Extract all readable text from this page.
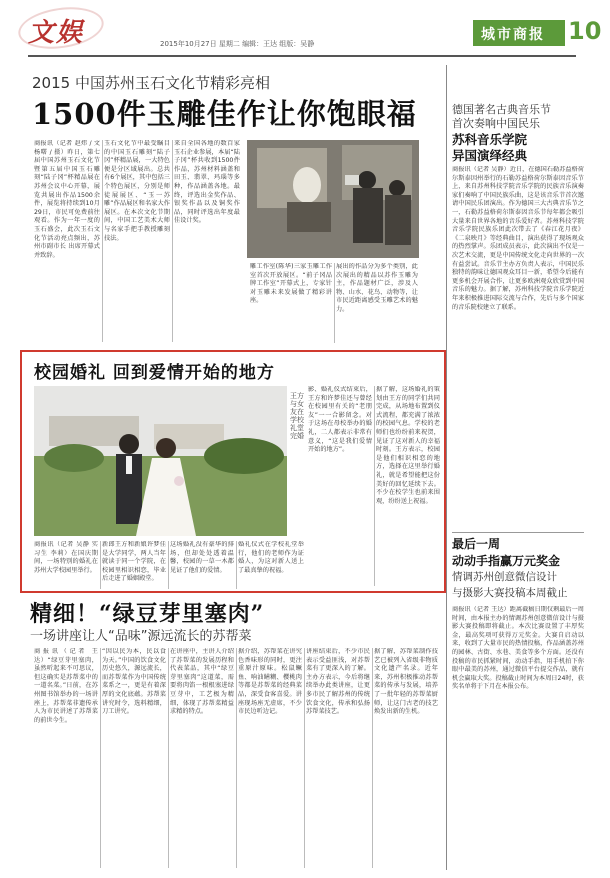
文娱	2015年10月27日 星期二 编辑：王达 组版：吴静
城市商报 10
2015 中国苏州玉石文化节精彩亮相
1500件玉雕佳作让你饱眼福
商报讯（记者 赵炜 / 文 杨曙 / 摄）昨日，第七届中国苏州玉石文化节暨第五届中国玉石雕刻“陆子冈”杯精品展在苏州会议中心开幕，展览共展出作品1500余件，展览将持续到10月29日，市民可免费前往观看。作为一年一度的玉石盛会，此次玉石文化节活动亮点频出，苏州市副市长 出席开幕式并致辞。
玉石文化节中最受瞩目的中国玉石雕刻“陆子冈”杯精品展，一大特色便是分区域展出。总共有6个展区，其中包括三个特色展区，分别是师徒展展区、“玉一苏雕”作品展区和名家大作展区。在本次文化节期间，中国工艺美术大师与名家手把手教授雕刻技法。
来自全国各地的数百家玉石企业参展，本届“陆子冈”杯共收到1500件作品，苏州材料涵盖和田玉、翡翠、玛瑙等多种，作品涵盖各地。最终，评选出金奖作品、银奖作品以及铜奖作品，同时评选出年度最佳设计奖。
雕工作室(陈华)三家玉雕工作室首次开放展区。“前子冈品牌工作室”开幕式上，专家针对玉雕未来发展做了精彩讲座。
展出的作品分为多个类别，此次展出的精品以苏作玉雕为主，作品题材广泛，涉及人物、山水、花鸟、动物等，让市民近距离感受玉雕艺术的魅力。
德国著名古典音乐节
首次奏响中国民乐
苏科音乐学院
异国演绎经典
商报讯（记者 吴静）近日，在德国石勒苏益格荷尔斯泰因州举行的石勒苏益格荷尔斯泰因音乐节上，来自苏州科技学院音乐学院的民族音乐演奏家们奏响了中国民族乐曲，这是该音乐节首次邀请中国民乐团演出。作为德国三大古典音乐节之一，石勒苏益格荷尔斯泰因音乐节每年都会吸引大量来自世界各地的音乐爱好者。苏州科技学院音乐学院民族乐团此次带去了《春江花月夜》《二泉映月》等经典曲目，演出获得了现场观众的热烈掌声。乐团成员表示，此次演出不仅是一次艺术交流，更是中国传统文化走向世界的一次有益尝试。音乐节主办方负责人表示，中国民乐独特的韵味让德国观众耳目一新，希望今后能有更多机会开展合作，让更多欧洲观众欣赏到中国音乐的魅力。据了解，苏州科技学院音乐学院近年来积极推进国际交流与合作，先后与多个国家的音乐院校建立了联系。
最后一周
动动手指赢万元奖金
情调苏州创意微信设计
与摄影大赛投稿本周截止
商报讯（记者 王达）距离截稿日期仅剩最后一周时间，由本报主办的情调苏州创意微信设计与摄影大赛投稿即将截止。本次比赛设置了丰厚奖金，最高奖项可获得万元奖金。大赛自启动以来，收到了大量市民的热情投稿，作品涵盖苏州的园林、古街、水巷、美食等多个方面。还没有投稿的市民抓紧时间，动动手指，用手机拍下你眼中最美的苏州，通过微信平台提交作品，就有机会赢取大奖。投稿截止时间为本周日24时，获奖名单将于下月在本报公布。
校园婚礼 回到爱情开始的地方
王方与女友在学校礼堂完婚
影、婚礼仪式结束后，王方和许梦佳还与曾经在校园里有关的“老朋友”一一合影留念。对于这场在母校举办的婚礼，二人都表示非常有意义，“这是我们爱情开始的地方”。
据了解，这场婚礼的策划由王方的同学们共同完成，从场地布置到仪式流程，都充满了浓浓的校园气息。学校的老师们也纷纷前来祝贺，见证了这对新人的幸福时刻。王方表示，校园是他们相识相恋的地方，选择在这里举行婚礼，就是希望能把这份美好的回忆延续下去。不少在校学生也前来围观，纷纷送上祝福。
商报讯（记者 吴静 实习生 李莉）在国庆期间，一场特别的婚礼在苏州大学校园里举行。
新郎王方和新娘许梦佳是大学同学，两人当年就读于同一个学院，在校园里相识相恋，毕业后走进了婚姻殿堂。
这场婚礼没有豪华的排场，但却处处透着温馨，校园的一草一木都见证了他们的爱情。
婚礼仪式在学校礼堂举行，他们的老师作为证婚人，为这对新人送上了最真挚的祝福。
精细！“绿豆芽里塞肉”
一场讲座让人“品味”源远流长的苏帮菜
商报讯（记者 王达）“绿豆芽里塞肉，虽然听起来不可思议，但这确实是苏帮菜中的一道名菜。”日前，在苏州图书馆举办的一场讲座上，苏帮菜非遗传承人为市民讲述了苏帮菜的前世今生。
“因以民为本，民以食为天。”中国的饮食文化历史悠久，源远流长，而苏帮菜作为中国传统菜系之一，更是有着深厚的文化底蕴。苏帮菜讲究时令，选料精细，刀工讲究。
在讲座中，主讲人介绍了苏帮菜的发展历程和代表菜品，其中“绿豆芽里塞肉”这道菜，需要将肉馅一根根塞进绿豆芽中，工艺极为精细，体现了苏帮菜精益求精的特点。
据介绍，苏帮菜在讲究色香味形的同时，更注重原汁原味。松鼠鳜鱼、响油鳝糊、樱桃肉等都是苏帮菜的经典菜品，深受食客喜爱。讲座现场座无虚席，不少市民边听边记。
讲座结束后，不少市民表示受益匪浅，对苏帮菜有了更深入的了解。主办方表示，今后将继续举办此类讲座，让更多市民了解苏州的传统饮食文化，传承和弘扬苏帮菜技艺。
据了解，苏帮菜制作技艺已被列入省级非物质文化遗产名录。近年来，苏州积极推动苏帮菜的传承与发展，培养了一批年轻的苏帮菜厨师，让这门古老的技艺焕发出新的生机。
